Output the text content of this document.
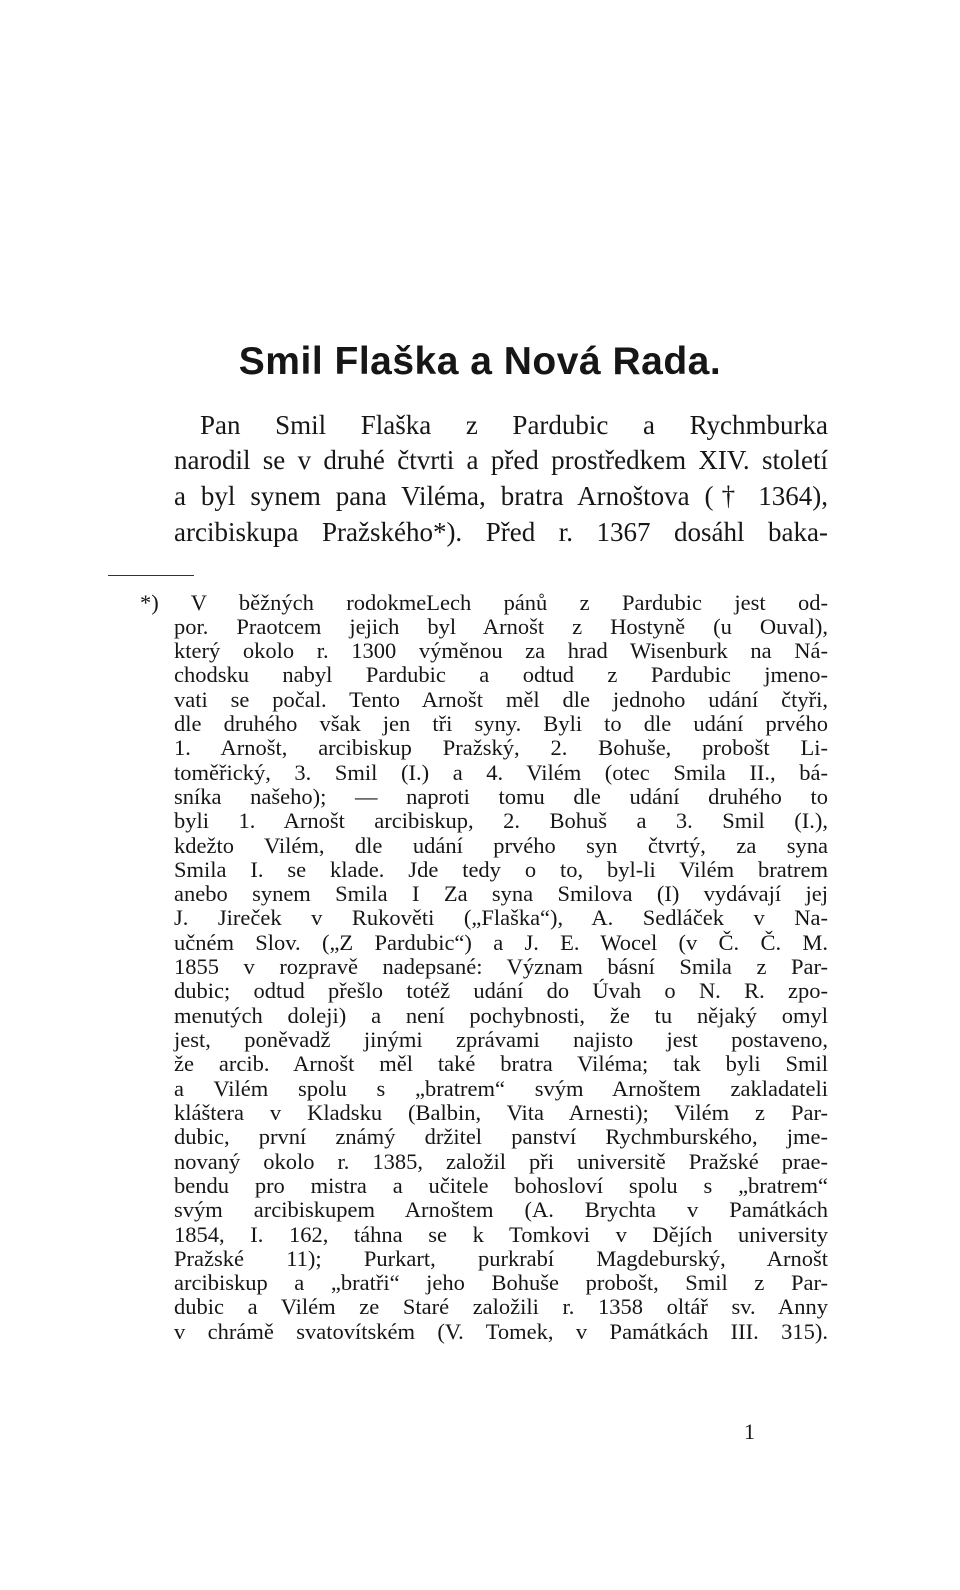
Smil Flaška a Nová Rada.
Pan Smil Flaška z Pardubic a Rychmburka
narodil se v druhé čtvrti a před prostředkem XIV. století
a byl synem pana Viléma, bratra Arnoštova († 1364),
arcibiskupa Pražského*). Před r. 1367 dosáhl baka-
*) V běžných rodokmeLech pánů z Pardubic jest od-
por. Praotcem jejich byl Arnošt z Hostyně (u Ouval),
který okolo r. 1300 výměnou za hrad Wisenburk na Ná-
chodsku nabyl Pardubic a odtud z Pardubic jmeno-
vati se počal. Tento Arnošt měl dle jednoho udání čtyři,
dle druhého však jen tři syny. Byli to dle udání prvého
1. Arnošt, arcibiskup Pražský, 2. Bohuše, probošt Li-
toměřický, 3. Smil (I.) a 4. Vilém (otec Smila II., bá-
sníka našeho); — naproti tomu dle udání druhého to
byli 1. Arnošt arcibiskup, 2. Bohuš a 3. Smil (I.),
kdežto Vilém, dle udání prvého syn čtvrtý, za syna
Smila I. se klade. Jde tedy o to, byl-li Vilém bratrem
anebo synem Smila I Za syna Smilova (I) vydávají jej
J. Jireček v Rukověti („Flaška“), A. Sedláček v Na-
učném Slov. („Z Pardubic“) a J. E. Wocel (v Č. Č. M.
1855 v rozpravě nadepsané: Význam básní Smila z Par-
dubic; odtud přešlo totéž udání do Úvah o N. R. zpo-
menutých doleji) a není pochybnosti, že tu nějaký omyl
jest, poněvadž jinými zprávami najisto jest postaveno,
že arcib. Arnošt měl také bratra Viléma; tak byli Smil
a Vilém spolu s „bratrem“ svým Arnoštem zakladateli
kláštera v Kladsku (Balbin, Vita Arnesti); Vilém z Par-
dubic, první známý držitel panství Rychmburského, jme-
novaný okolo r. 1385, založil při universitě Pražské prae-
bendu pro mistra a učitele bohosloví spolu s „bratrem“
svým arcibiskupem Arnoštem (A. Brychta v Památkách
1854, I. 162, táhna se k Tomkovi v Dějích university
Pražské 11); Purkart, purkrabí Magdeburský, Arnošt
arcibiskup a „bratři“ jeho Bohuše probošt, Smil z Par-
dubic a Vilém ze Staré založili r. 1358 oltář sv. Anny
v chrámě svatovítském (V. Tomek, v Památkách III. 315).
1
